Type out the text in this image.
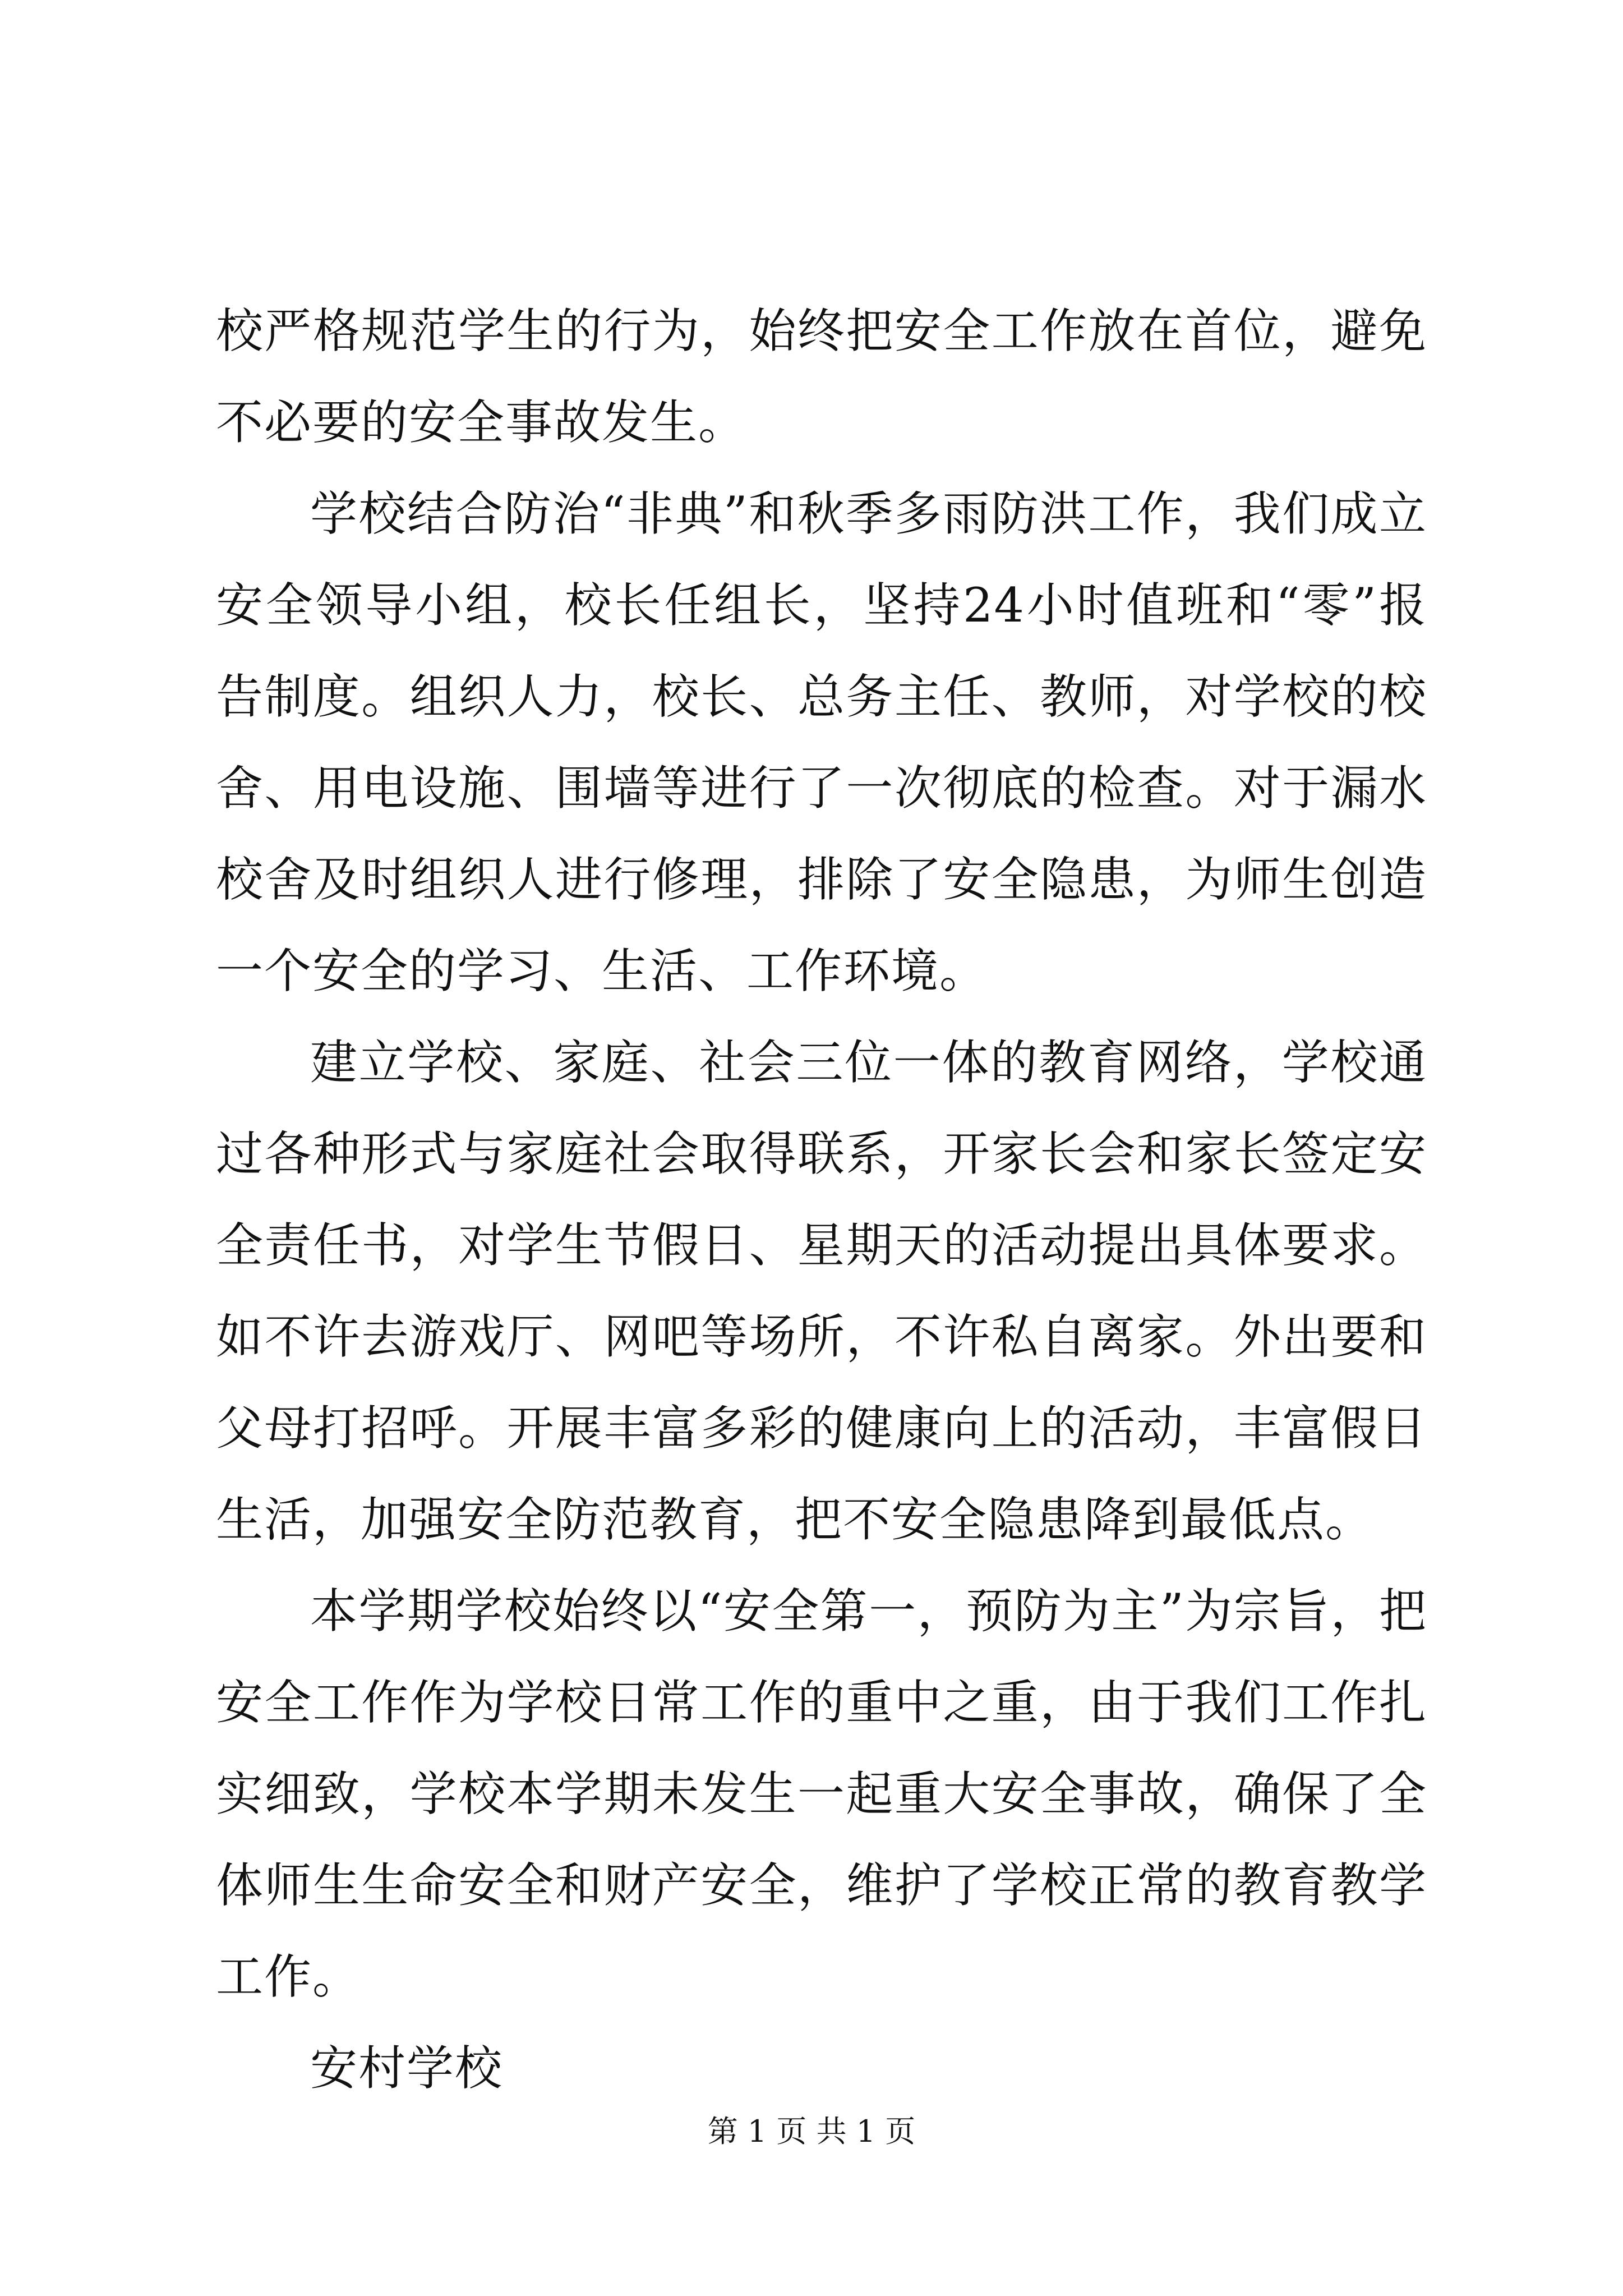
校严格规范学生的行为，始终把安全工作放在首位，避免不必要的安全事故发生。

学校结合防治“非典”和秋季多雨防洪工作，我们成立安全领导小组，校长任组长，坚持24小时值班和“零”报告制度。组织人力，校长、总务主任、教师，对学校的校舍、用电设施、围墙等进行了一次彻底的检查。对于漏水校舍及时组织人进行修理，排除了安全隐患，为师生创造一个安全的学习、生活、工作环境。

建立学校、家庭、社会三位一体的教育网络，学校通过各种形式与家庭社会取得联系，开家长会和家长签定安全责任书，对学生节假日、星期天的活动提出具体要求。如不许去游戏厅、网吧等场所，不许私自离家。外出要和父母打招呼。开展丰富多彩的健康向上的活动，丰富假日生活，加强安全防范教育，把不安全隐患降到最低点。

本学期学校始终以“安全第一，预防为主”为宗旨，把安全工作作为学校日常工作的重中之重，由于我们工作扎实细致，学校本学期未发生一起重大安全事故，确保了全体师生生命安全和财产安全，维护了学校正常的教育教学工作。

安村学校

第 1 页 共 1 页
